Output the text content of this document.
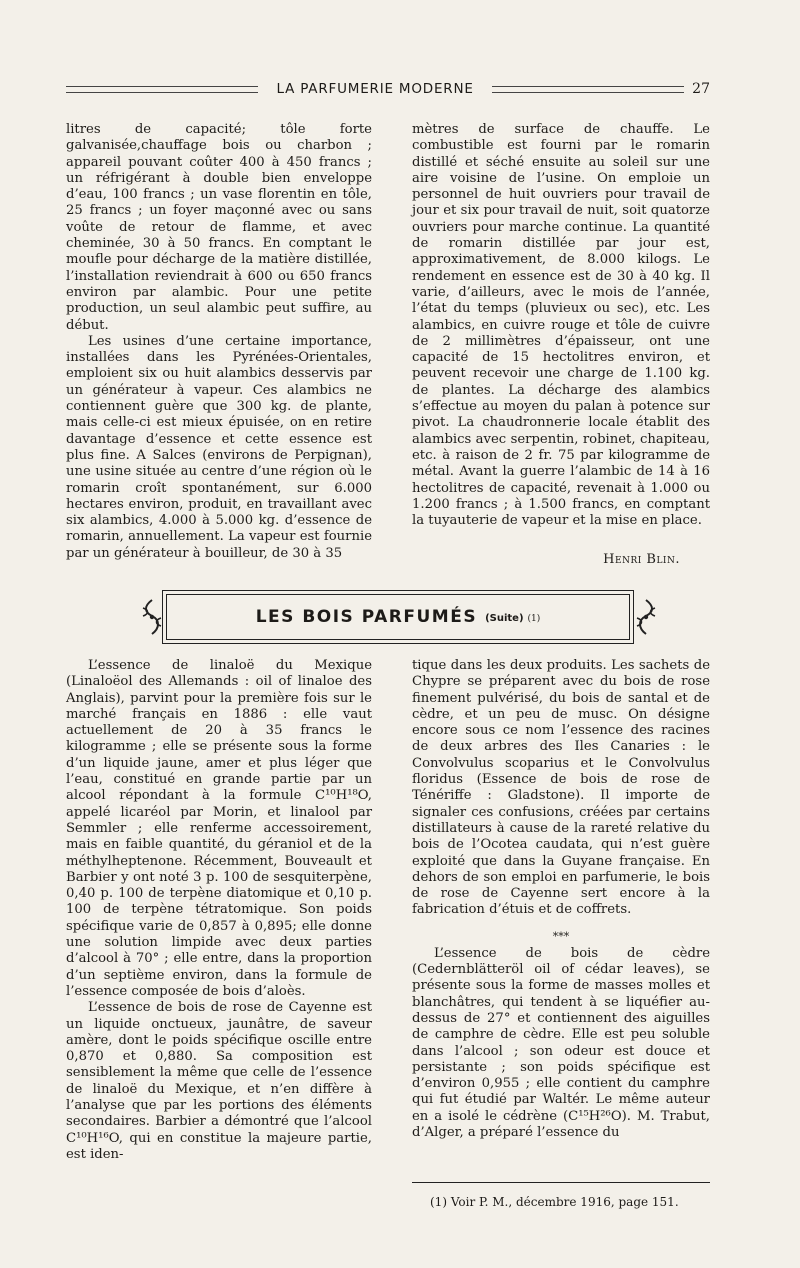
LA PARFUMERIE MODERNE	27

litres de capacité; tôle forte galvanisée,chauffage bois ou charbon ; appareil pouvant coûter 400 à 450 francs ; un réfrigérant à double bien enveloppe d’eau, 100 francs ; un vase florentin en tôle, 25 francs ; un foyer maçonné avec ou sans voûte de retour de flamme, et avec cheminée, 30 à 50 francs. En comptant le moufle pour décharge de la matière distillée, l’installation reviendrait à 600 ou 650 francs environ par alambic. Pour une petite production, un seul alambic peut suffire, au début.

Les usines d’une certaine importance, installées dans les Pyrénées-Orientales, emploient six ou huit alambics desservis par un générateur à vapeur. Ces alambics ne contiennent guère que 300 kg. de plante, mais celle-ci est mieux épuisée, on en retire davantage d’essence et cette essence est plus fine. A Salces (environs de Perpignan), une usine située au centre d’une région où le romarin croît spontanément, sur 6.000 hectares environ, produit, en travaillant avec six alambics, 4.000 à 5.000 kg. d’essence de romarin, annuellement. La vapeur est fournie par un générateur à bouilleur, de 30 à 35

mètres de surface de chauffe. Le combustible est fourni par le romarin distillé et séché ensuite au soleil sur une aire voisine de l’usine. On emploie un personnel de huit ouvriers pour travail de jour et six pour travail de nuit, soit quatorze ouvriers pour marche continue. La quantité de romarin distillée par jour est, approximativement, de 8.000 kilogs. Le rendement en essence est de 30 à 40 kg. Il varie, d’ailleurs, avec le mois de l’année, l’état du temps (pluvieux ou sec), etc. Les alambics, en cuivre rouge et tôle de cuivre de 2 millimètres d’épaisseur, ont une capacité de 15 hectolitres environ, et peuvent recevoir une charge de 1.100 kg. de plantes. La décharge des alambics s’effectue au moyen du palan à potence sur pivot. La chaudronnerie locale établit des alambics avec serpentin, robinet, chapiteau, etc. à raison de 2 fr. 75 par kilogramme de métal. Avant la guerre l’alambic de 14 à 16 hectolitres de capacité, revenait à 1.000 ou 1.200 francs ; à 1.500 francs, en comptant la tuyauterie de vapeur et la mise en place.

Henri Blin.
LES BOIS PARFUMÉS (Suite) (1)

L’essence de linaloë du Mexique (Linaloëol des Allemands : oil of linaloe des Anglais), parvint pour la première fois sur le marché français en 1886 : elle vaut actuellement de 20 à 35 francs le kilogramme ; elle se présente sous la forme d’un liquide jaune, amer et plus léger que l’eau, constitué en grande partie par un alcool répondant à la formule C¹⁰H¹⁸O, appelé licaréol par Morin, et linalool par Semmler ; elle renferme accessoirement, mais en faible quantité, du géraniol et de la méthylheptenone. Récemment, Bouveault et Barbier y ont noté 3 p. 100 de sesquiterpène, 0,40 p. 100 de terpène diatomique et 0,10 p. 100 de terpène tétratomique. Son poids spécifique varie de 0,857 à 0,895; elle donne une solution limpide avec deux parties d’alcool à 70° ; elle entre, dans la proportion d’un septième environ, dans la formule de l’essence composée de bois d’aloès.

L’essence de bois de rose de Cayenne est un liquide onctueux, jaunâtre, de saveur amère, dont le poids spécifique oscille entre 0,870 et 0,880. Sa composition est sensiblement la même que celle de l’essence de linaloë du Mexique, et n’en diffère à l’analyse que par les portions des éléments secondaires. Barbier a démontré que l’alcool C¹⁰H¹⁶O, qui en constitue la majeure partie, est iden-

tique dans les deux produits. Les sachets de Chypre se préparent avec du bois de rose finement pulvérisé, du bois de santal et de cèdre, et un peu de musc. On désigne encore sous ce nom l’essence des racines de deux arbres des Iles Canaries : le Convolvulus scoparius et le Convolvulus floridus (Essence de bois de rose de Ténériffe : Gladstone). Il importe de signaler ces confusions, créées par certains distillateurs à cause de la rareté relative du bois de l’Ocotea caudata, qui n’est guère exploité que dans la Guyane française. En dehors de son emploi en parfumerie, le bois de rose de Cayenne sert encore à la fabrication d’étuis et de coffrets.

***

L’essence de bois de cèdre (Cedernblätteröl oil of cédar leaves), se présente sous la forme de masses molles et blanchâtres, qui tendent à se liquéfier au-dessus de 27° et contiennent des aiguilles de camphre de cèdre. Elle est peu soluble dans l’alcool ; son odeur est douce et persistante ; son poids spécifique est d’environ 0,955 ; elle contient du camphre qui fut étudié par Waltér. Le même auteur en a isolé le cédrène (C¹⁵H²⁶O). M. Trabut, d’Alger, a préparé l’essence du

(1) Voir P. M., décembre 1916, page 151.
